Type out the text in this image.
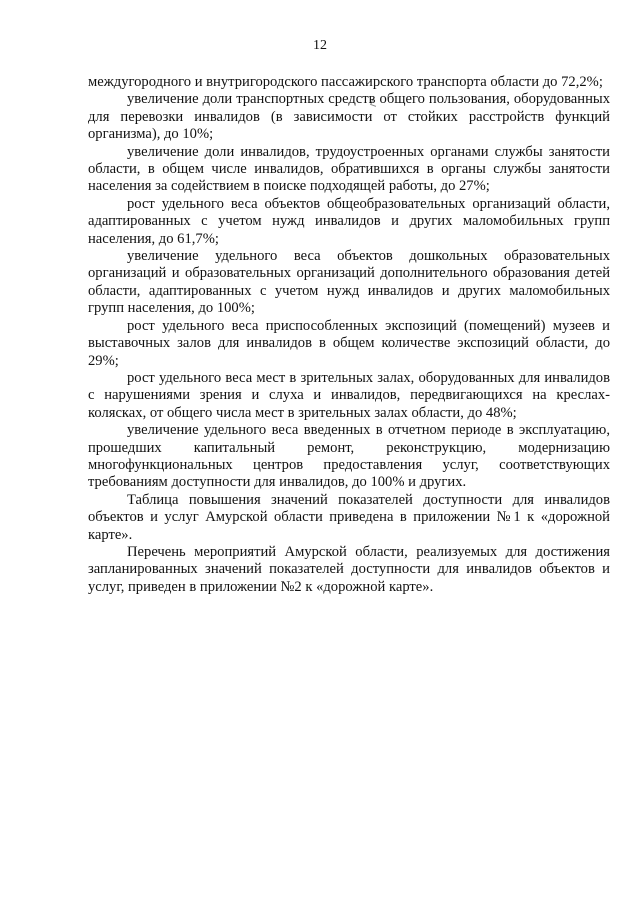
12

междугородного и внутригородского пассажирского транспорта области до 72,2%;

увеличение доли транспортных средств общего пользования, оборудованных для перевозки инвалидов (в зависимости от стойких расстройств функций организма), до 10%;

увеличение доли инвалидов, трудоустроенных органами службы занятости области, в общем числе инвалидов, обратившихся в органы службы занятости населения за содействием в поиске подходящей работы, до 27%;

рост удельного веса объектов общеобразовательных организаций области, адаптированных с учетом нужд инвалидов и других маломобильных групп населения, до 61,7%;

увеличение удельного веса объектов дошкольных образовательных организаций и образовательных организаций дополнительного образования детей области, адаптированных с учетом нужд инвалидов и других маломобильных групп населения, до 100%;

рост удельного веса приспособленных экспозиций (помещений) музеев и выставочных залов для инвалидов в общем количестве экспозиций области, до 29%;

рост удельного веса мест в зрительных залах, оборудованных для инвалидов с нарушениями зрения и слуха и инвалидов, передвигающихся на креслах-колясках, от общего числа мест в зрительных залах области, до 48%;

увеличение удельного веса введенных в отчетном периоде в эксплуатацию, прошедших капитальный ремонт, реконструкцию, модернизацию многофункциональных центров предоставления услуг, соответствующих требованиям доступности для инвалидов, до 100% и других.

Таблица повышения значений показателей доступности для инвалидов объектов и услуг Амурской области приведена в приложении №1 к «дорожной карте».

Перечень мероприятий Амурской области, реализуемых для достижения запланированных значений показателей доступности для инвалидов объектов и услуг, приведен в приложении №2 к «дорожной карте».
